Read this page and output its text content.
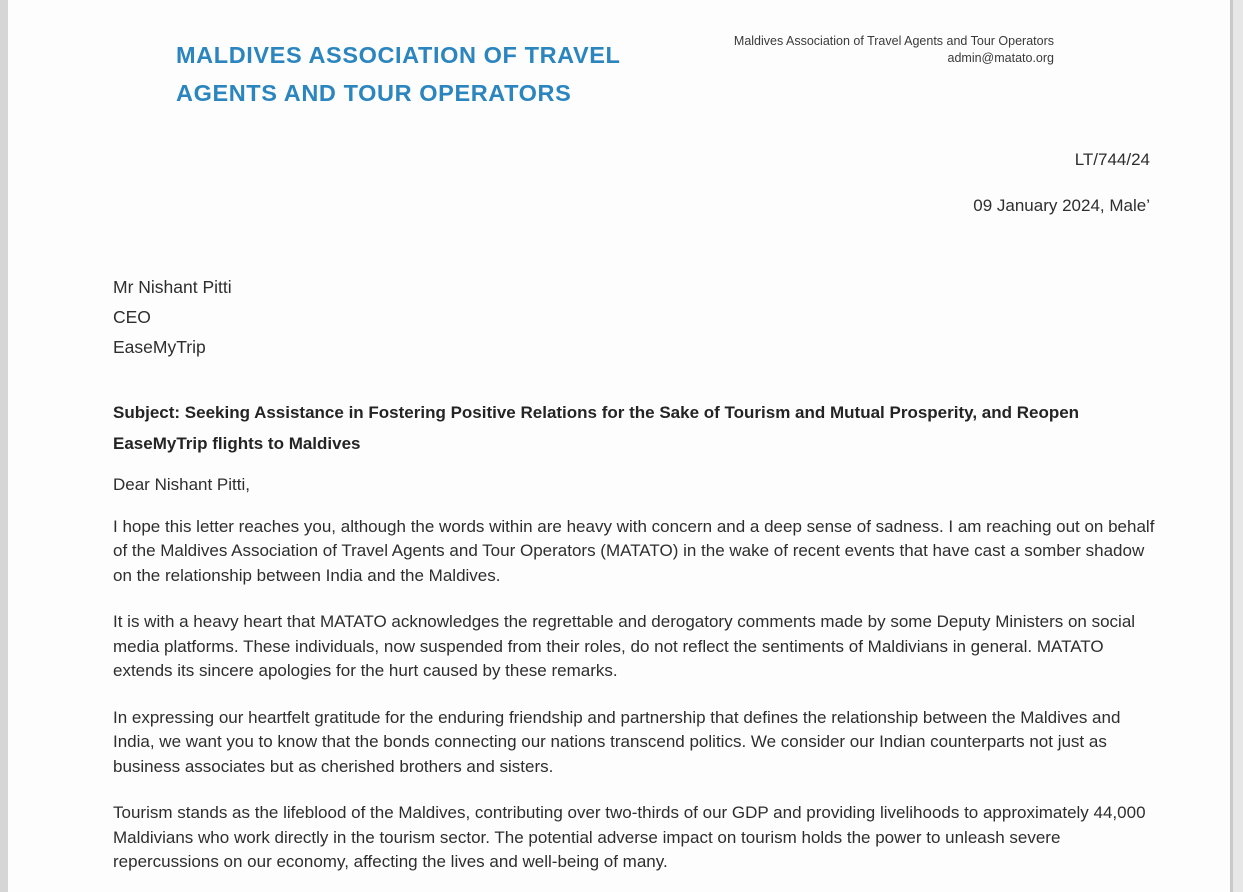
MALDIVES ASSOCIATION OF TRAVEL
AGENTS AND TOUR OPERATORS
Maldives Association of Travel Agents and Tour Operators
admin@matato.org
LT/744/24
09 January 2024, Male’
Mr Nishant Pitti
CEO
EaseMyTrip
Subject: Seeking Assistance in Fostering Positive Relations for the Sake of Tourism and Mutual Prosperity, and Reopen EaseMyTrip flights to Maldives

Dear Nishant Pitti,

I hope this letter reaches you, although the words within are heavy with concern and a deep sense of sadness. I am reaching out on behalf of the Maldives Association of Travel Agents and Tour Operators (MATATO) in the wake of recent events that have cast a somber shadow on the relationship between India and the Maldives.

It is with a heavy heart that MATATO acknowledges the regrettable and derogatory comments made by some Deputy Ministers on social media platforms. These individuals, now suspended from their roles, do not reflect the sentiments of Maldivians in general. MATATO extends its sincere apologies for the hurt caused by these remarks.

In expressing our heartfelt gratitude for the enduring friendship and partnership that defines the relationship between the Maldives and India, we want you to know that the bonds connecting our nations transcend politics. We consider our Indian counterparts not just as business associates but as cherished brothers and sisters.

Tourism stands as the lifeblood of the Maldives, contributing over two-thirds of our GDP and providing livelihoods to approximately 44,000 Maldivians who work directly in the tourism sector. The potential adverse impact on tourism holds the power to unleash severe repercussions on our economy, affecting the lives and well-being of many.
